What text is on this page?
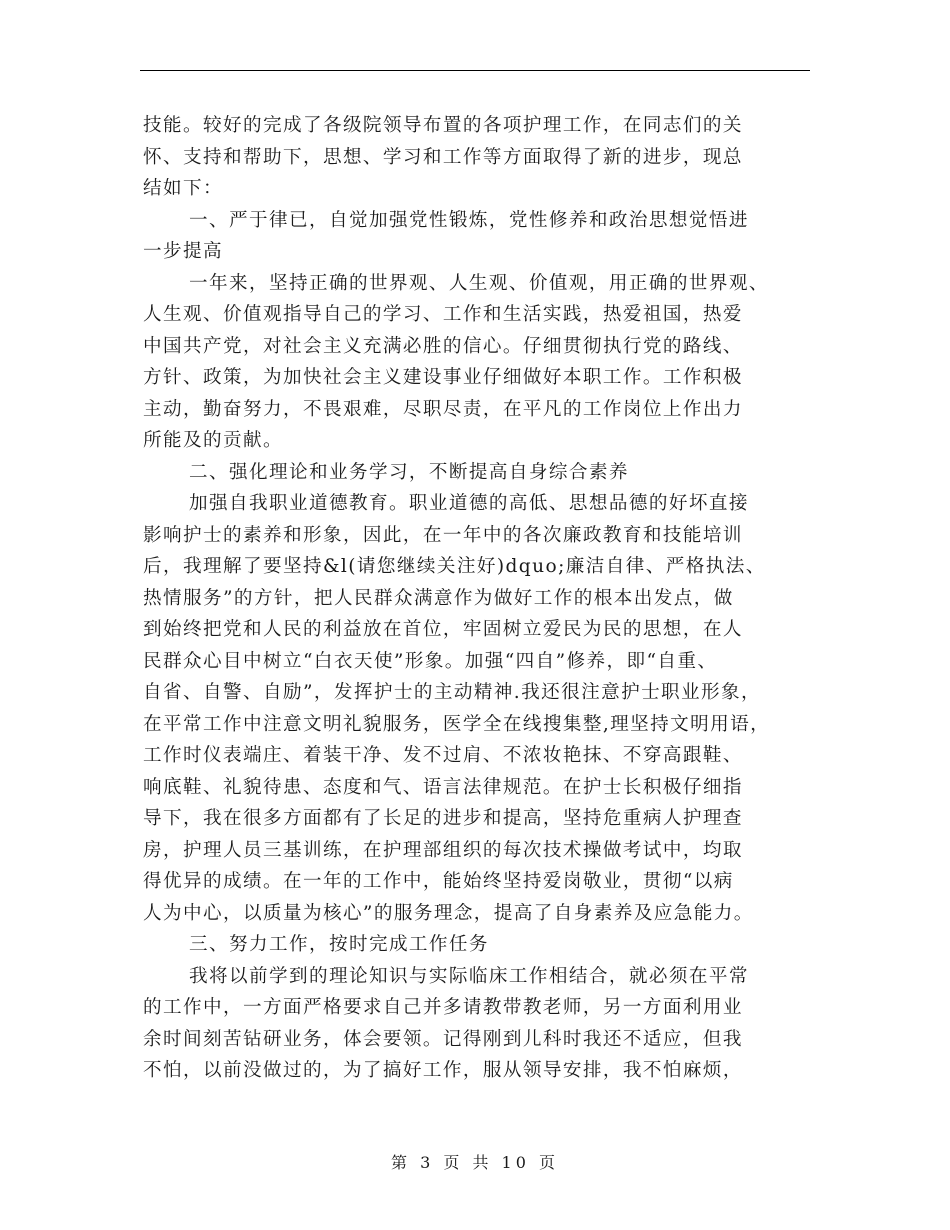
技能。较好的完成了各级院领导布置的各项护理工作，在同志们的关
怀、支持和帮助下，思想、学习和工作等方面取得了新的进步，现总
结如下：
一、严于律已，自觉加强党性锻炼，党性修养和政治思想觉悟进
一步提高
一年来，坚持正确的世界观、人生观、价值观，用正确的世界观、
人生观、价值观指导自己的学习、工作和生活实践，热爱祖国，热爱
中国共产党，对社会主义充满必胜的信心。仔细贯彻执行党的路线、
方针、政策，为加快社会主义建设事业仔细做好本职工作。工作积极
主动，勤奋努力，不畏艰难，尽职尽责，在平凡的工作岗位上作出力
所能及的贡献。
二、强化理论和业务学习，不断提高自身综合素养
加强自我职业道德教育。职业道德的高低、思想品德的好坏直接
影响护士的素养和形象，因此，在一年中的各次廉政教育和技能培训
后，我理解了要坚持&l(请您继续关注好)dquo;廉洁自律、严格执法、
热情服务”的方针，把人民群众满意作为做好工作的根本出发点，做
到始终把党和人民的利益放在首位，牢固树立爱民为民的思想，在人
民群众心目中树立“白衣天使”形象。加强“四自”修养，即“自重、
自省、自警、自励”，发挥护士的主动精神.我还很注意护士职业形象，
在平常工作中注意文明礼貌服务，医学全在线搜集整,理坚持文明用语，
工作时仪表端庄、着装干净、发不过肩、不浓妆艳抹、不穿高跟鞋、
响底鞋、礼貌待患、态度和气、语言法律规范。在护士长积极仔细指
导下，我在很多方面都有了长足的进步和提高，坚持危重病人护理查
房，护理人员三基训练，在护理部组织的每次技术操做考试中，均取
得优异的成绩。在一年的工作中，能始终坚持爱岗敬业，贯彻“以病
人为中心，以质量为核心”的服务理念，提高了自身素养及应急能力。
三、努力工作，按时完成工作任务
我将以前学到的理论知识与实际临床工作相结合，就必须在平常
的工作中，一方面严格要求自己并多请教带教老师，另一方面利用业
余时间刻苦钻研业务，体会要领。记得刚到儿科时我还不适应，但我
不怕，以前没做过的，为了搞好工作，服从领导安排，我不怕麻烦，
第 3 页 共 10 页
